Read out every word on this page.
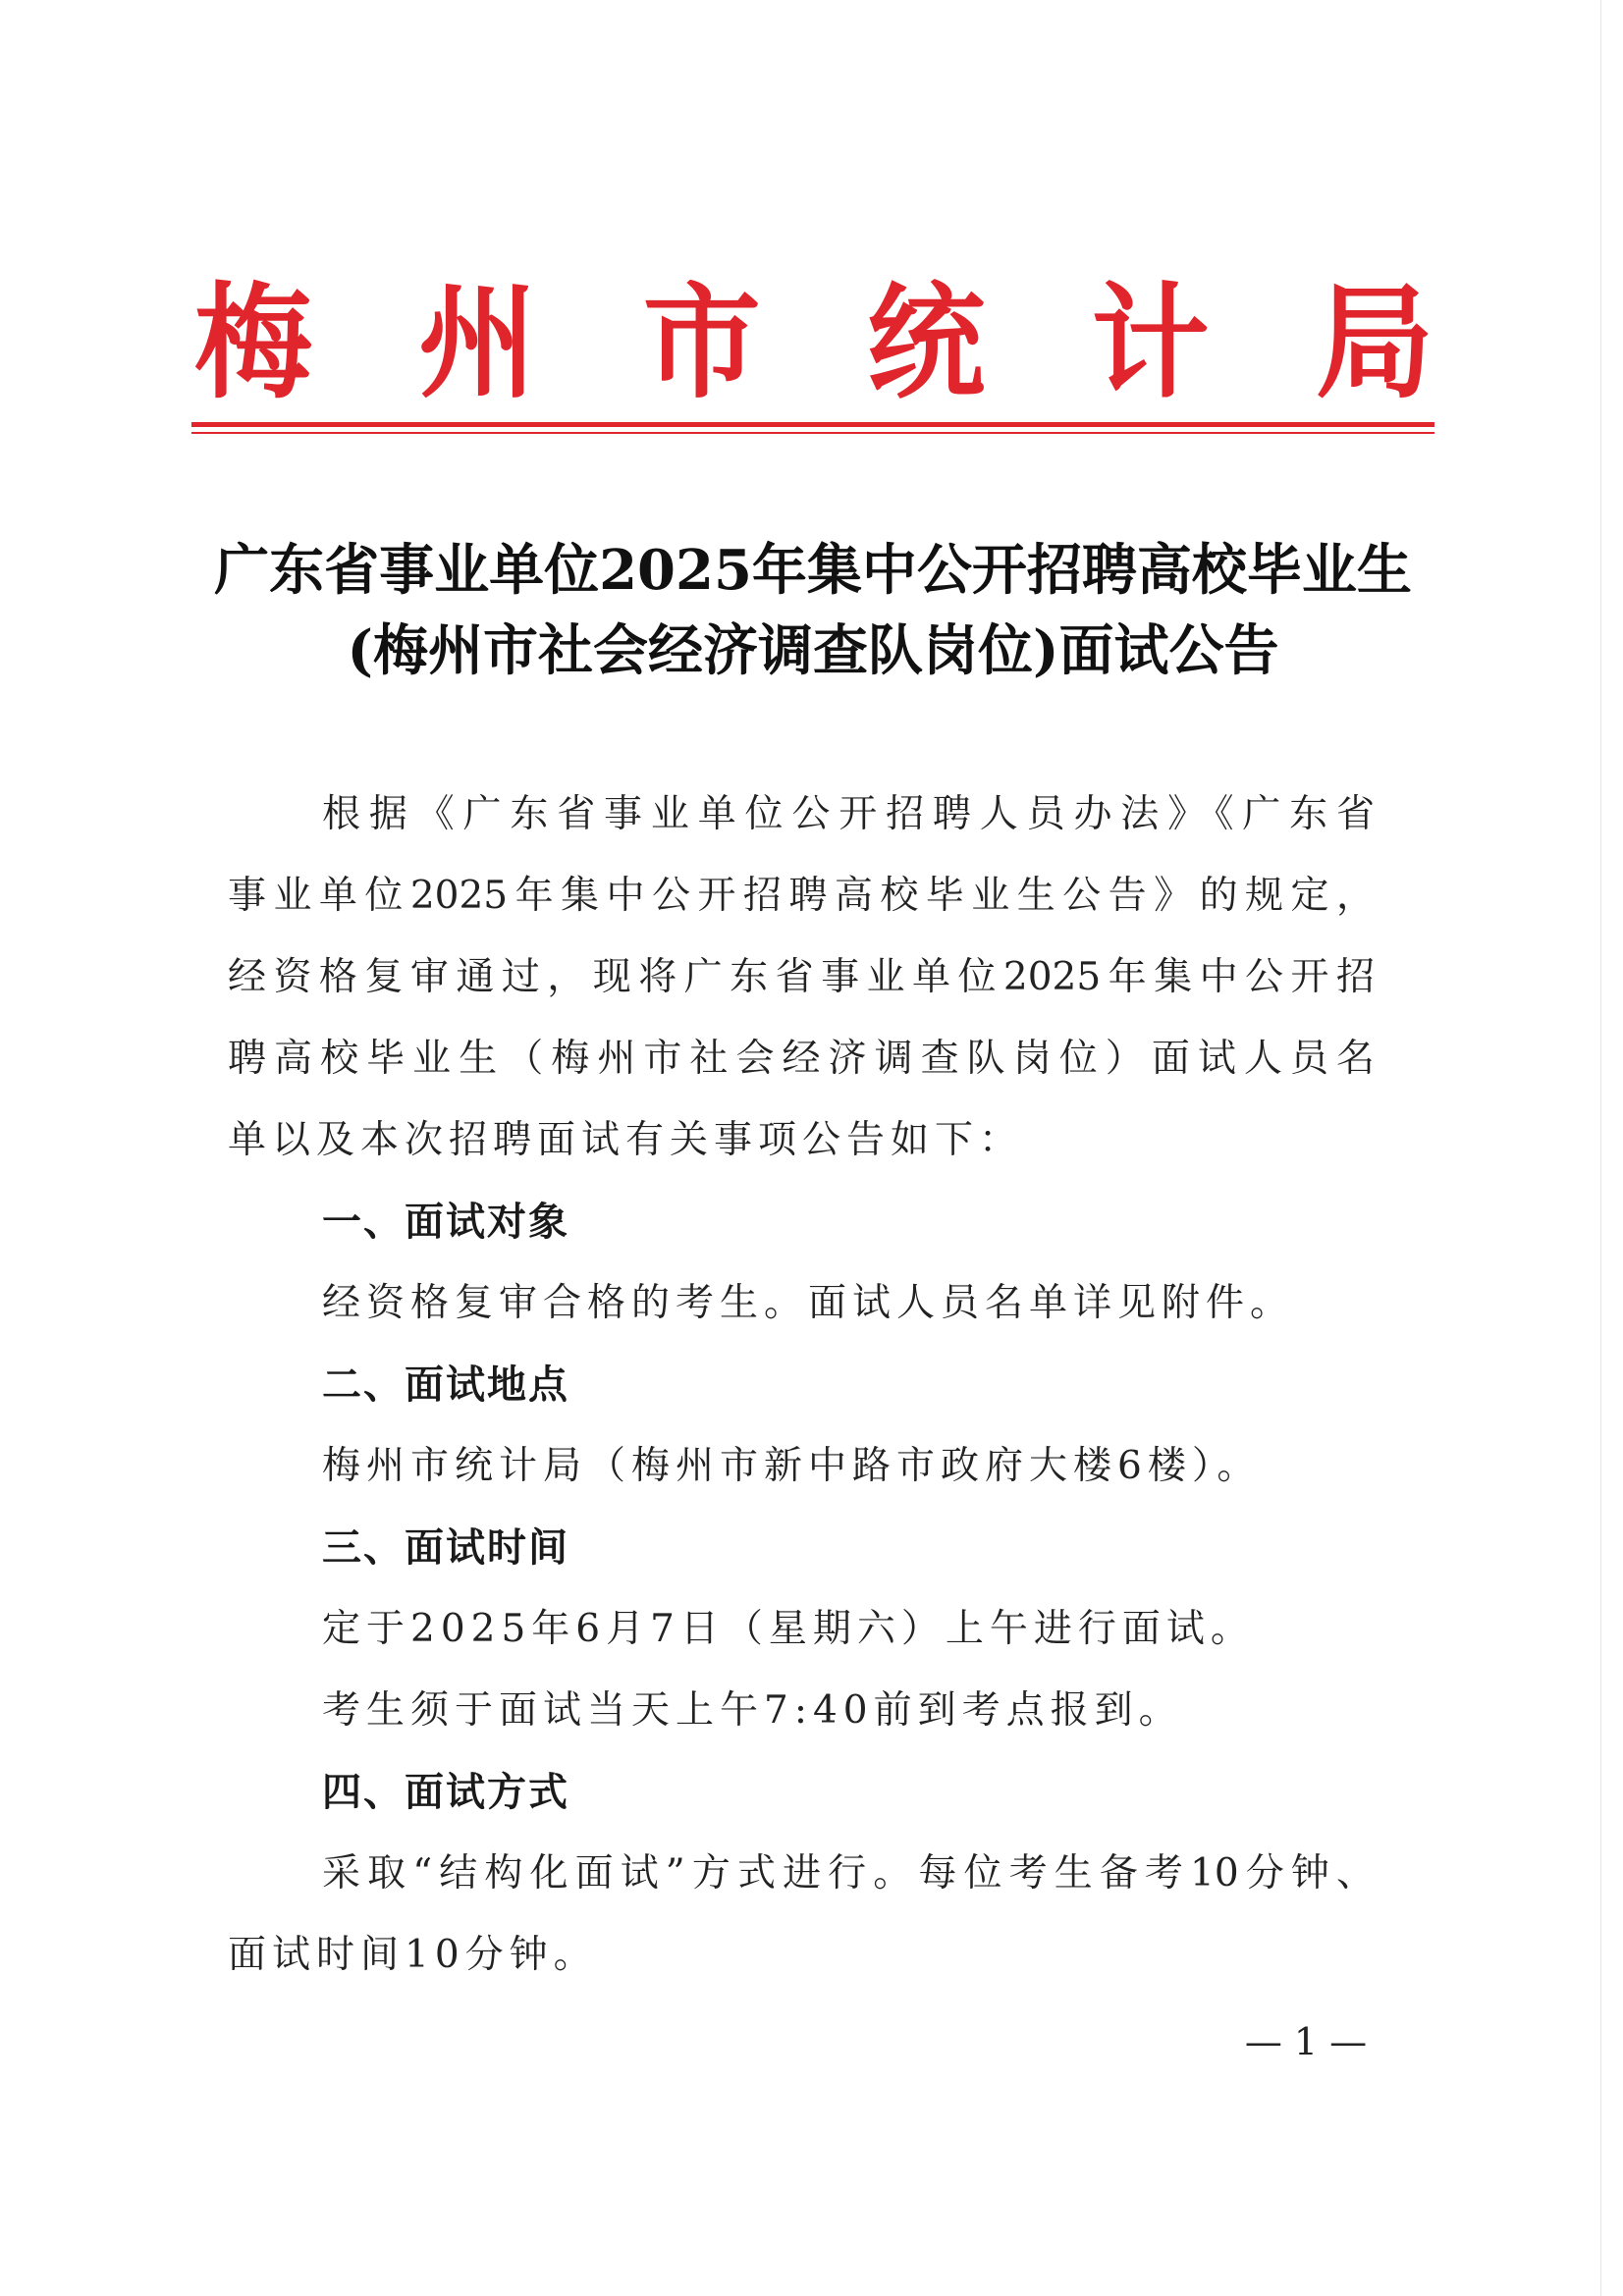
梅 州 市 统 计 局
广东省事业单位2025年集中公开招聘高校毕业生
(梅州市社会经济调查队岗位)面试公告
根据《广东省事业单位公开招聘人员办法》《广东省
事业单位2025年集中公开招聘高校毕业生公告》的规定，
经资格复审通过，现将广东省事业单位2025年集中公开招
聘高校毕业生（梅州市社会经济调查队岗位）面试人员名
单以及本次招聘面试有关事项公告如下：
一、面试对象
经资格复审合格的考生。面试人员名单详见附件。
二、面试地点
梅州市统计局（梅州市新中路市政府大楼6楼）。
三、面试时间
定于2025年6月7日（星期六）上午进行面试。
考生须于面试当天上午7:40前到考点报到。
四、面试方式
采取“结构化面试”方式进行。每位考生备考10分钟、
面试时间10分钟。
— 1 —
